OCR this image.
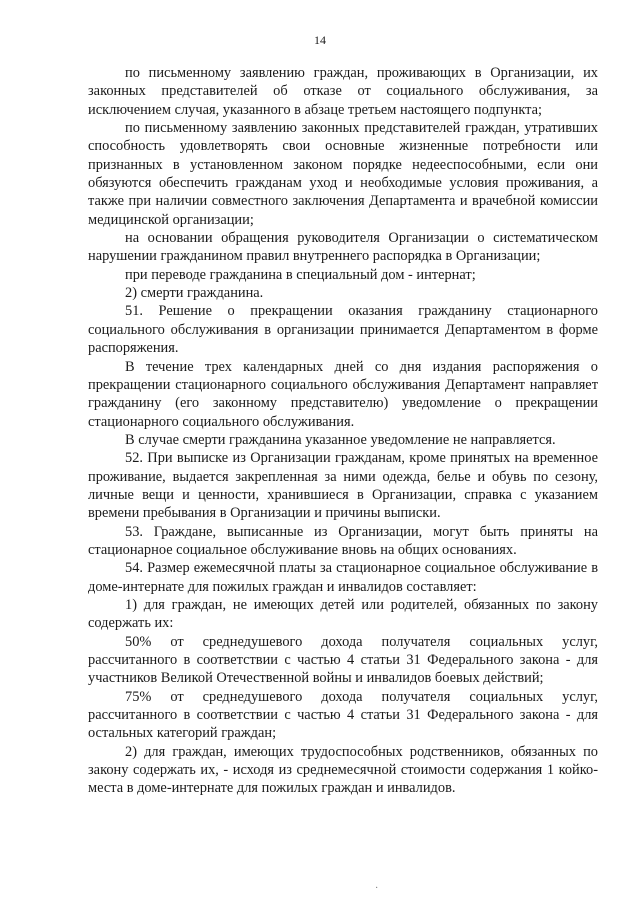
14

по письменному заявлению граждан, проживающих в Организации, их законных представителей об отказе от социального обслуживания, за исключением случая, указанного в абзаце третьем настоящего подпункта;

по письменному заявлению законных представителей граждан, утративших способность удовлетворять свои основные жизненные потребности или признанных в установленном законом порядке недееспособными, если они обязуются обеспечить гражданам уход и необходимые условия проживания, а также при наличии совместного заключения Департамента и врачебной комиссии медицинской организации;

на основании обращения руководителя Организации о систематическом нарушении гражданином правил внутреннего распорядка в Организации;

при переводе гражданина в специальный дом - интернат;

2) смерти гражданина.

51. Решение о прекращении оказания гражданину стационарного социального обслуживания в организации принимается Департаментом в форме распоряжения.

В течение трех календарных дней со дня издания распоряжения о прекращении стационарного социального обслуживания Департамент направляет гражданину (его законному представителю) уведомление о прекращении стационарного социального обслуживания.

В случае смерти гражданина указанное уведомление не направляется.

52. При выписке из Организации гражданам, кроме принятых на временное проживание, выдается закрепленная за ними одежда, белье и обувь по сезону, личные вещи и ценности, хранившиеся в Организации, справка с указанием времени пребывания в Организации и причины выписки.

53. Граждане, выписанные из Организации, могут быть приняты на стационарное социальное обслуживание вновь на общих основаниях.

54. Размер ежемесячной платы за стационарное социальное обслуживание в доме-интернате для пожилых граждан и инвалидов составляет:

1) для граждан, не имеющих детей или родителей, обязанных по закону содержать их:

50% от среднедушевого дохода получателя социальных услуг, рассчитанного в соответствии с частью 4 статьи 31 Федерального закона - для участников Великой Отечественной войны и инвалидов боевых действий;

75% от среднедушевого дохода получателя социальных услуг, рассчитанного в соответствии с частью 4 статьи 31 Федерального закона - для остальных категорий граждан;

2) для граждан, имеющих трудоспособных родственников, обязанных по закону содержать их, - исходя из среднемесячной стоимости содержания 1 койко-места в доме-интернате для пожилых граждан и инвалидов.

·
